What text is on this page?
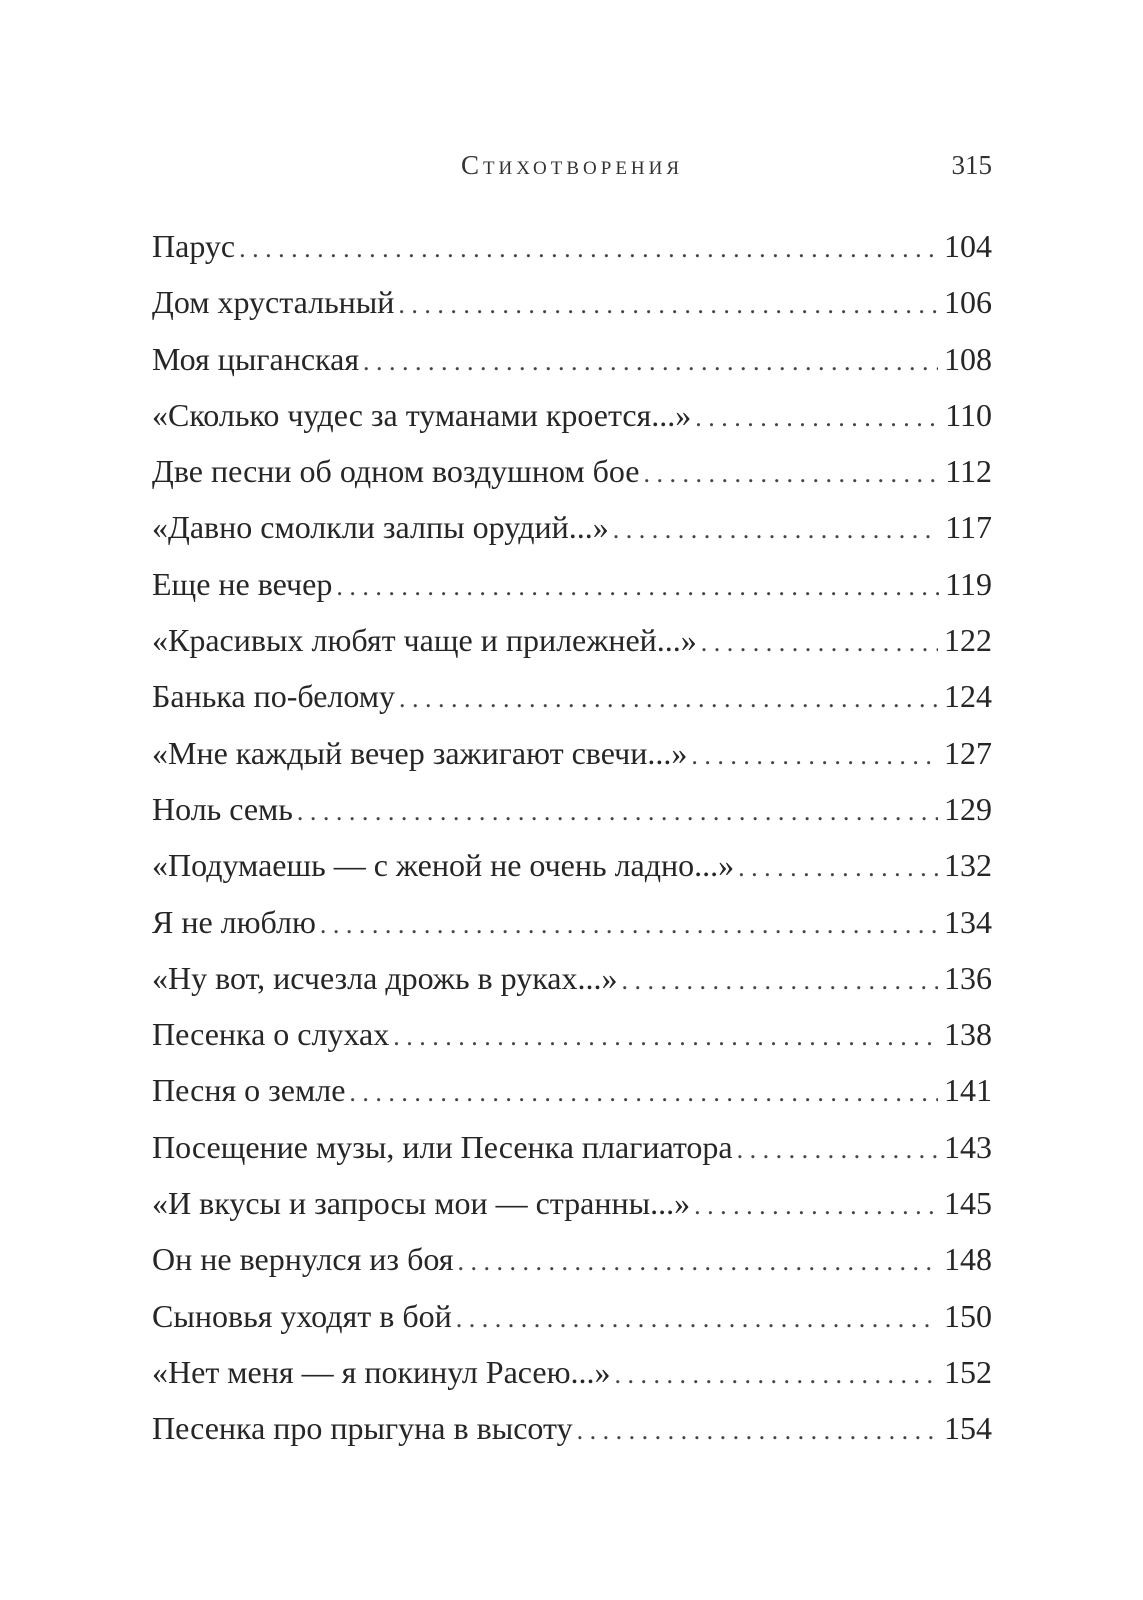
Стихотворения	315
Парус . . .	104
Дом хрустальный . . .	106
Моя цыганская . . .	108
«Сколько чудес за туманами кроется...» . . .	110
Две песни об одном воздушном бое . . .	112
«Давно смолкли залпы орудий...» . . .	117
Еще не вечер . . .	119
«Красивых любят чаще и прилежней...» . . .	122
Банька по-белому . . .	124
«Мне каждый вечер зажигают свечи...» . . .	127
Ноль семь . . .	129
«Подумаешь — с женой не очень ладно...» . . .	132
Я не люблю . . .	134
«Ну вот, исчезла дрожь в руках...» . . .	136
Песенка о слухах . . .	138
Песня о земле . . .	141
Посещение музы, или Песенка плагиатора . . .	143
«И вкусы и запросы мои — странны...» . . .	145
Он не вернулся из боя . . .	148
Сыновья уходят в бой . . .	150
«Нет меня — я покинул Расею...» . . .	152
Песенка про прыгуна в высоту . . .	154
